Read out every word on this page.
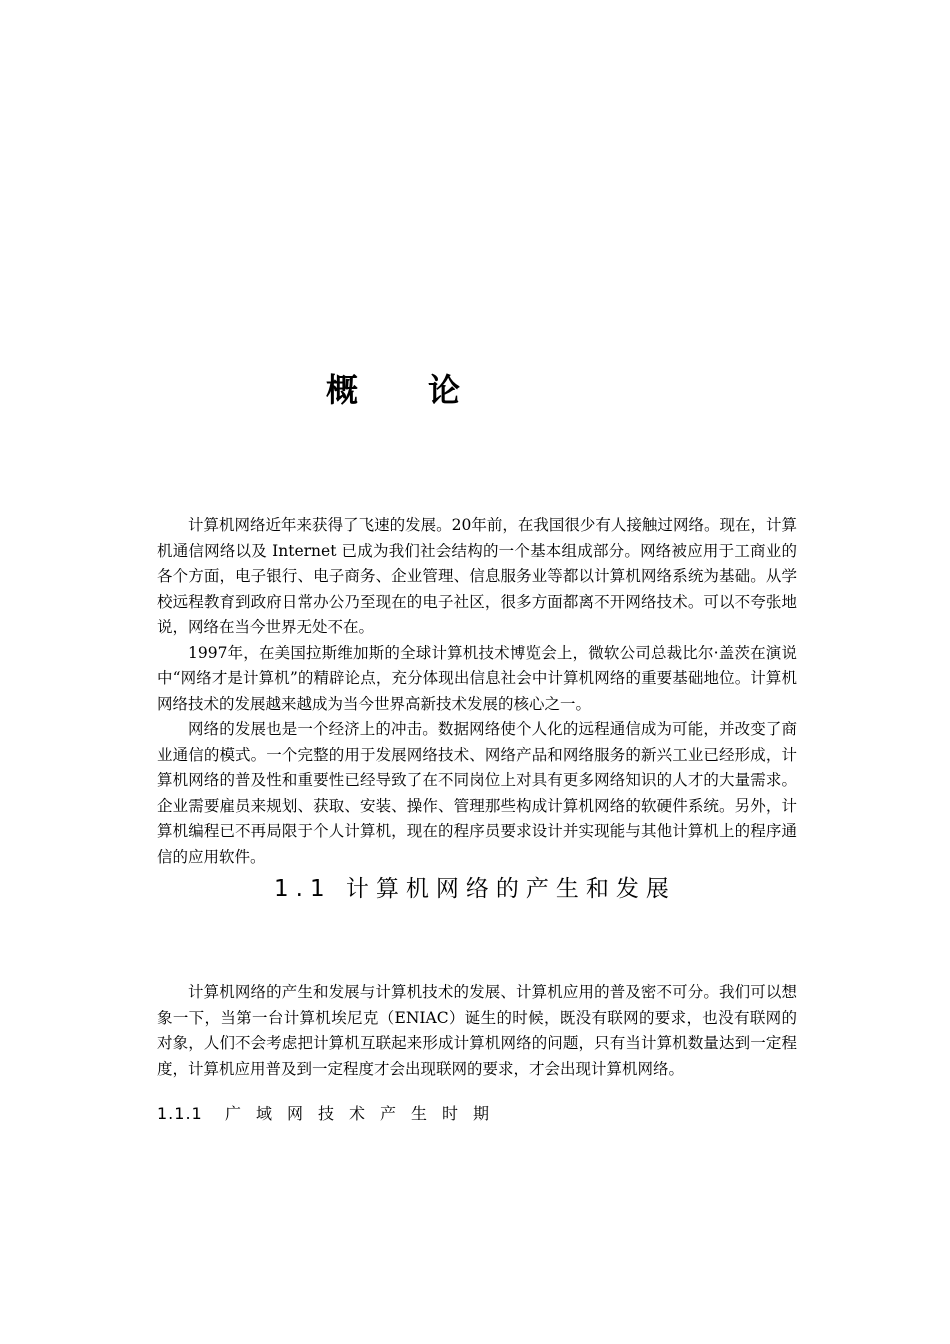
概论

计算机网络近年来获得了飞速的发展。20年前，在我国很少有人接触过网络。现在，计算机通信网络以及 Internet 已成为我们社会结构的一个基本组成部分。网络被应用于工商业的各个方面，电子银行、电子商务、企业管理、信息服务业等都以计算机网络系统为基础。从学校远程教育到政府日常办公乃至现在的电子社区，很多方面都离不开网络技术。可以不夸张地说，网络在当今世界无处不在。

1997年，在美国拉斯维加斯的全球计算机技术博览会上，微软公司总裁比尔·盖茨在演说中“网络才是计算机”的精辟论点，充分体现出信息社会中计算机网络的重要基础地位。计算机网络技术的发展越来越成为当今世界高新技术发展的核心之一。

网络的发展也是一个经济上的冲击。数据网络使个人化的远程通信成为可能，并改变了商业通信的模式。一个完整的用于发展网络技术、网络产品和网络服务的新兴工业已经形成，计算机网络的普及性和重要性已经导致了在不同岗位上对具有更多网络知识的人才的大量需求。企业需要雇员来规划、获取、安装、操作、管理那些构成计算机网络的软硬件系统。另外，计算机编程已不再局限于个人计算机，现在的程序员要求设计并实现能与其他计算机上的程序通信的应用软件。

1.1 计算机网络的产生和发展

计算机网络的产生和发展与计算机技术的发展、计算机应用的普及密不可分。我们可以想象一下，当第一台计算机埃尼克（ENIAC）诞生的时候，既没有联网的要求，也没有联网的对象，人们不会考虑把计算机互联起来形成计算机网络的问题，只有当计算机数量达到一定程度，计算机应用普及到一定程度才会出现联网的要求，才会出现计算机网络。

1.1.1 广域网技术产生时期
